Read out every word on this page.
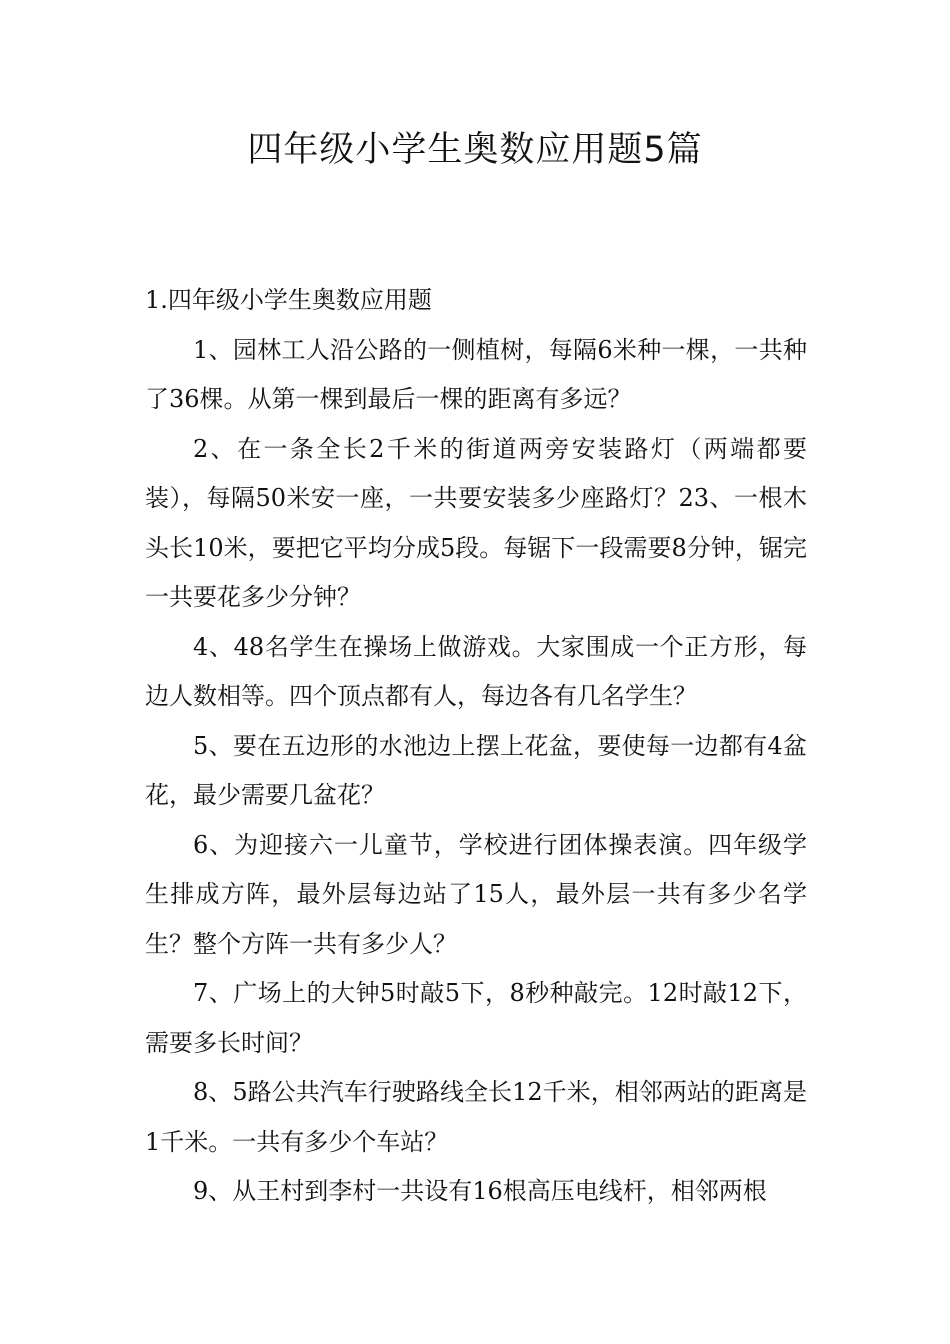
四年级小学生奥数应用题5篇
1.四年级小学生奥数应用题

1、园林工人沿公路的一侧植树，每隔6米种一棵，一共种了36棵。从第一棵到最后一棵的距离有多远？

2、在一条全长2千米的街道两旁安装路灯（两端都要装），每隔50米安一座，一共要安装多少座路灯？23、一根木头长10米，要把它平均分成5段。每锯下一段需要8分钟，锯完一共要花多少分钟？

4、48名学生在操场上做游戏。大家围成一个正方形，每边人数相等。四个顶点都有人，每边各有几名学生？

5、要在五边形的水池边上摆上花盆，要使每一边都有4盆花，最少需要几盆花？

6、为迎接六一儿童节，学校进行团体操表演。四年级学生排成方阵，最外层每边站了15人，最外层一共有多少名学生？整个方阵一共有多少人？

7、广场上的大钟5时敲5下，8秒种敲完。12时敲12下，需要多长时间？

8、5路公共汽车行驶路线全长12千米，相邻两站的距离是1千米。一共有多少个车站？

9、从王村到李村一共设有16根高压电线杆，相邻两根
